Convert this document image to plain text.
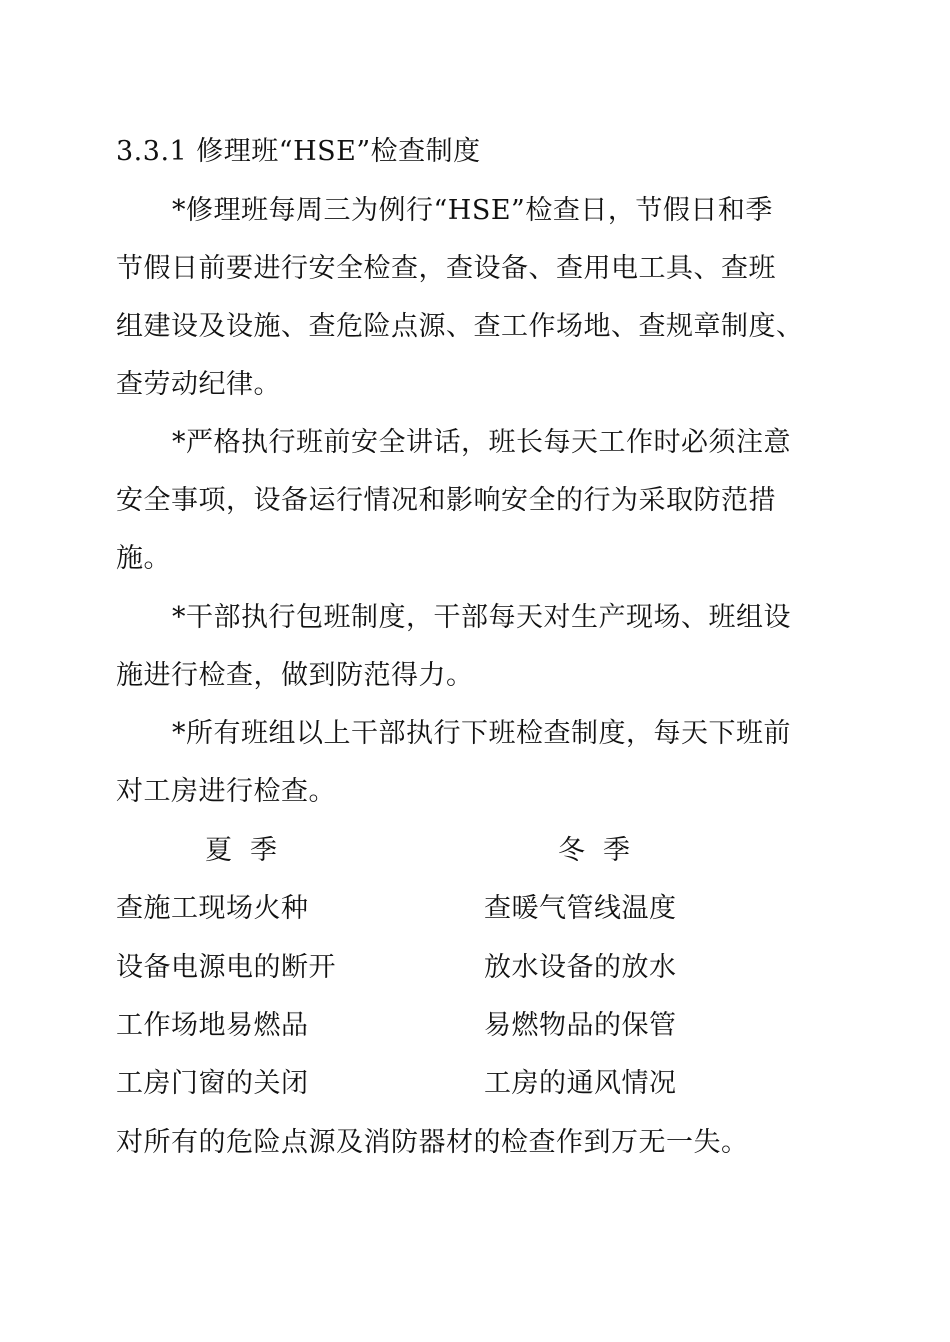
3.3.1 修理班“HSE”检查制度
*修理班每周三为例行“HSE”检查日，节假日和季
节假日前要进行安全检查，查设备、查用电工具、查班
组建设及设施、查危险点源、查工作场地、查规章制度、
查劳动纪律。
*严格执行班前安全讲话，班长每天工作时必须注意
安全事项，设备运行情况和影响安全的行为采取防范措
施。
*干部执行包班制度，干部每天对生产现场、班组设
施进行检查，做到防范得力。
*所有班组以上干部执行下班检查制度，每天下班前
对工房进行检查。
夏季	冬季
查施工现场火种	查暖气管线温度
设备电源电的断开	放水设备的放水
工作场地易燃品	易燃物品的保管
工房门窗的关闭	工房的通风情况
对所有的危险点源及消防器材的检查作到万无一失。
